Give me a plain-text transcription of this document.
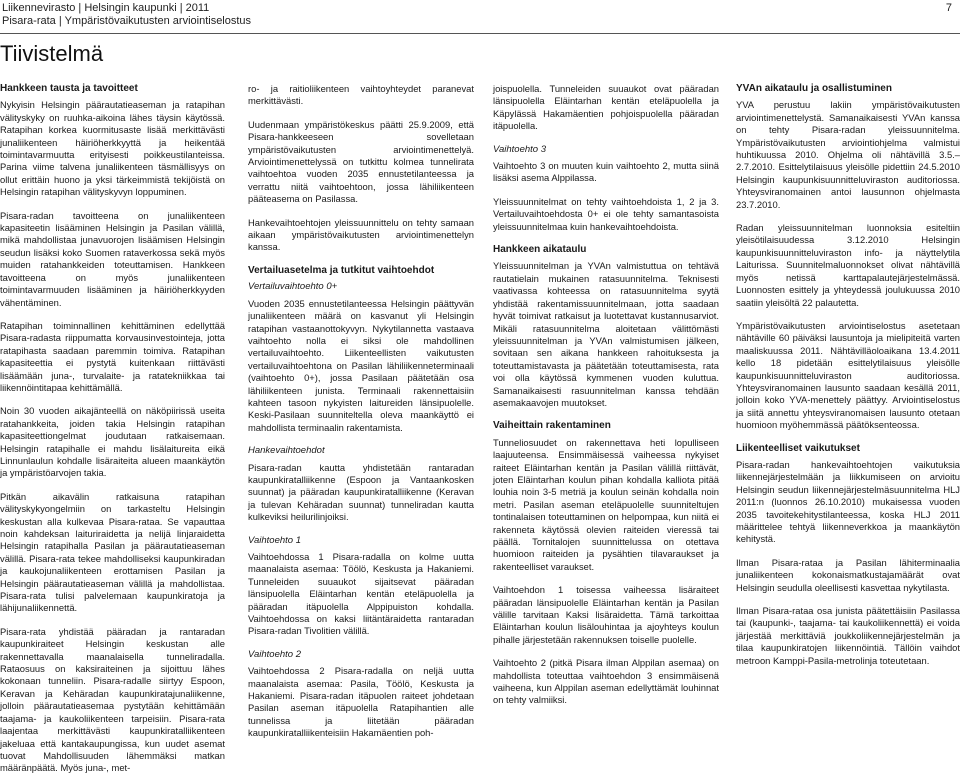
Liikennevirasto | Helsingin kaupunki | 2011
Pisara-rata | Ympäristövaikutusten arviointiselostus
7
Tiivistelmä
Hankkeen tausta ja tavoitteet

Nykyisin Helsingin päärautatieaseman ja ratapihan välityskyky on ruuhka-aikoina lähes täysin käytössä. Ratapihan korkea kuormitusaste lisää merkittävästi junaliikenteen häiriöherkkyyttä ja heikentää toimintavarmuutta erityisesti poikkeustilanteissa. Parina viime talvena junaliikenteen täsmällisyys on ollut erittäin huono ja yksi tärkeimmistä tekijöistä on Helsingin ratapihan välityskyvyn loppuminen.

Pisara-radan tavoitteena on junaliikenteen kapasiteetin lisääminen Helsingin ja Pasilan välillä, mikä mahdollistaa junavuorojen lisäämisen Helsingin seudun lisäksi koko Suomen rataverkossa sekä myös muiden ratahankkeiden toteuttamisen. Hankkeen tavoitteena on myös junaliikenteen toimintavarmuuden lisääminen ja häiriöherkkyyden vähentäminen.

Ratapihan toiminnallinen kehittäminen edellyttää Pisara-radasta riippumatta korvausinvestointeja, jotta ratapihasta saadaan paremmin toimiva. Ratapihan kapasiteettia ei pystytä kuitenkaan riittävästi lisäämään juna-, turvalaite- ja ratatekniikkaa tai liikennöintitapaa kehittämällä.

Noin 30 vuoden aikajänteellä on näköpiirissä useita ratahankkeita, joiden takia Helsingin ratapihan kapasiteettiongelmat joudutaan ratkaisemaan. Helsingin ratapihalle ei mahdu lisälaitureita eikä Linnunlaulun kohdalle lisäraiteita alueen maankäytön ja ympäristöarvojen takia.

Pitkän aikavälin ratkaisuna ratapihan välityskykyongelmiin on tarkasteltu Helsingin keskustan alla kulkevaa Pisara-rataa. Se vapauttaa noin kahdeksan laituriraidetta ja nelijä linjaraidetta Helsingin ratapihalla Pasilan ja päärautatieaseman välillä. Pisara-rata tekee mahdolliseksi kaupunkiradan ja kaukojunaliikenteen erottamisen Pasilan ja Helsingin päärautatieaseman välillä ja mahdollistaa. Pisara-rata tulisi palvelemaan kaupunkiratoja ja lähijunaliikennettä.

Pisara-rata yhdistää pääradan ja rantaradan kaupunkiraiteet Helsingin keskustan alle rakennettavalla maanalaisella tunneliradalla. Rataosuus on kaksiraiteinen ja sijoittuu lähes kokonaan tunneliin. Pisara-radalle siirtyy Espoon, Keravan ja Kehäradan kaupunkiratajunaliikenne, jolloin päärautatieasemaa pystytään kehittämään taajama- ja kaukoliikenteen tarpeisiin. Pisara-rata laajentaa merkittävästi kaupunkiratalliikenteen jakeluaa että kantakaupungissa, kun uudet asemat tuovat Mahdollisuuden lähemmäksi matkan määränpäätä. Myös juna-, met-

ro- ja raitioliikenteen vaihtoyhteydet paranevat merkittävästi.

Uudenmaan ympäristökeskus päätti 25.9.2009, että Pisara-hankkeeseen sovelletaan ympäristövaikutusten arviointimenettelyä. Arviointimenettelyssä on tutkittu kolmea tunnelirata vaihtoehtoa vuoden 2035 ennustetilanteessa ja verrattu niitä vaihtoehtoon, jossa lähiliikenteen pääteasema on Pasilassa.

Hankevaihtoehtojen yleissuunnittelu on tehty samaan aikaan ympäristövaikutusten arviointimenettelyn kanssa.

Vertailuasetelma ja tutkitut vaihtoehdot
Vertailuvaihtoehto 0+

Vuoden 2035 ennustetilanteessa Helsingin päättyvän junaliikenteen määrä on kasvanut yli Helsingin ratapihan vastaanottokyvyn. Nykytilannetta vastaava vaihtoehto nolla ei siksi ole mahdollinen vertailuvaihtoehto. Liikenteellisten vaikutusten vertailuvaihtoehtona on Pasilan lähiliikenneterminaali (vaihtoehto 0+), jossa Pasilaan päätetään osa lähiliikenteen junista. Terminaali rakennettaisiin kahteen tasoon nykyisten laitureiden länsipuolelle. Keski-Pasilaan suunniteltella oleva maankäyttö ei mahdollista terminaalin rakentamista.

Hankevaihtoehdot

Pisara-radan kautta yhdistetään rantaradan kaupunkiratalliikenne (Espoon ja Vantaankosken suunnat) ja pääradan kaupunkiratalliikenne (Keravan ja tulevan Kehäradan suunnat) tunneliradan kautta kulkeviksi heilurilinjoiksi.

Vaihtoehto 1

Vaihtoehdossa 1 Pisara-radalla on kolme uutta maanalaista asemaa: Töölö, Keskusta ja Hakaniemi. Tunneleiden suuaukot sijaitsevat pääradan länsipuolella Eläintarhan kentän eteläpuolella ja pääradan itäpuolella Alppipuiston kohdalla. Vaihtoehdossa on kaksi liitäntäraidetta rantaradan Pisara-radan Tivolitien välillä.

Vaihtoehto 2

Vaihtoehdossa 2 Pisara-radalla on neljä uutta maanalaista asemaa: Pasila, Töölö, Keskusta ja Hakaniemi. Pisara-radan itäpuolen raiteet johdetaan Pasilan aseman itäpuolella Ratapihantien alle tunnelissa ja liitetään pääradan kaupunkiratalliikenteisiin Hakamäentien poh-

joispuolella. Tunneleiden suuaukot ovat pääradan länsipuolella Eläintarhan kentän eteläpuolella ja Käpylässä Hakamäentien pohjoispuolella pääradan itäpuolella.

Vaihtoehto 3

Vaihtoehto 3 on muuten kuin vaihtoehto 2, mutta siinä lisäksi asema Alppilassa.

Yleissuunnitelmat on tehty vaihtoehdoista 1, 2 ja 3. Vertailuvaihtoehdosta 0+ ei ole tehty samantasoista yleissuunnitelmaa kuin hankevaihtoehdoista.

Hankkeen aikataulu

Yleissuunnitelman ja YVAn valmistuttua on tehtävä rautatielain mukainen ratasuunnitelma. Teknisesti vaativassa kohteessa on ratasuunnitelma syytä yhdistää rakentamissuunnitelmaan, jotta saadaan hyvät toimivat ratkaisut ja luotettavat kustannusarviot. Mikäli ratasuunnitelma aloitetaan välittömästi yleissuunnitelman ja YVAn valmistumisen jälkeen, sovitaan sen aikana hankkeen rahoituksesta ja toteuttamistavasta ja päätetään toteuttamisesta, rata voi olla käytössä kymmenen vuoden kuluttua. Samanaikaisesti rasuunnitelman kanssa tehdään asemakaavojen muutokset.

Vaiheittain rakentaminen

Tunneliosuudet on rakennettava heti lopulliseen laajuuteensa. Ensimmäisessä vaiheessa nykyiset raiteet Eläintarhan kentän ja Pasilan välillä riittävät, joten Eläintarhan koulun pihan kohdalla kalliota pitää louhia noin 3-5 metriä ja koulun seinän kohdalla noin metri. Pasilan aseman eteläpuolelle suunniteltujen tontinalaisen toteuttaminen on helpompaa, kun niitä ei rakenneta käytössä olevien raiteiden vieressä tai päällä. Tornitalojen suunnittelussa on otettava huomioon raiteiden ja pysähtien tilavaraukset ja rakenteelliset varaukset.

Vaihtoehdon 1 toisessa vaiheessa lisäraiteet pääradan länsipuolelle Eläintarhan kentän ja Pasilan välille tarvitaan Kaksi lisäraidetta. Tämä tarkoittaa Eläintarhan koulun lisälouhintaa ja ajoyhteys koulun pihalle järjestetään rakennuksen toiselle puolelle.

Vaihtoehto 2 (pitkä Pisara ilman Alppilan asemaa) on mahdollista toteuttaa vaihtoehdon 3 ensimmäisenä vaiheena, kun Alppilan aseman edellyttämät louhinnat on tehty valmiiksi.

YVAn aikataulu ja osallistuminen

YVA perustuu lakiin ympäristövaikutusten arviointimenettelystä. Samanaikaisesti YVAn kanssa on tehty Pisara-radan yleissuunnitelma. Ympäristövaikutusten arviointiohjelma valmistui huhtikuussa 2010. Ohjelma oli nähtävillä 3.5.–2.7.2010. Esittelytilaisuus yleisölle pidettiin 24.5.2010 Helsingin kaupunkisuunnitteluviraston auditoriossa. Yhteysviranomainen antoi lausunnon ohjelmasta 23.7.2010.

Radan yleissuunnitelman luonnoksia esiteltiin yleisötilaisuudessa 3.12.2010 Helsingin kaupunkisuunnitteluviraston info- ja näyttelytila Laiturissa. Suunnitelmaluonnokset olivat nähtävillä myös netissä karttapalautejärjestelmässä. Luonnosten esittely ja yhteydessä joulukuussa 2010 saatiin yleisöltä 22 palautetta.

Ympäristövaikutusten arviointiselostus asetetaan nähtäville 60 päiväksi lausuntoja ja mielipiteitä varten maaliskuussa 2011. Nähtävilläoloaikana 13.4.2011 kello 18 pidetään esittelytilaisuus yleisölle kaupunkisuunnitteluviraston auditoriossa. Yhteysviranomainen lausunto saadaan kesällä 2011, jolloin koko YVA-menettely päättyy. Arviointiselostus ja siitä annettu yhteysviranomaisen lausunto otetaan huomioon myöhemmässä päätöksenteossa.

Liikenteelliset vaikutukset

Pisara-radan hankevaihtoehtojen vaikutuksia liikennejärjestelmään ja liikkumiseen on arvioitu Helsingin seudun liikennejärjestelmäsuunnitelma HLJ 2011:n (luonnos 26.10.2010) mukaisessa vuoden 2035 tavoitekehitystilanteessa, koska HLJ 2011 määrittelee tehtyä liikenneverkkoa ja maankäytön kehitystä.

Ilman Pisara-rataa ja Pasilan lähiterminaalia junaliikenteen kokonaismatkustajamäärät ovat Helsingin seudulla oleellisesti kasvettaa nykytilasta.

Ilman Pisara-rataa osa junista päätettäisiin Pasilassa tai (kaupunki-, taajama- tai kaukoliikennettä) ei voida järjestää merkittäviä joukkoliikennejärjestelmän ja tilaa kaupunkiratojen liikennöintiä. Tällöin vaihdot metroon Kamppi-Pasila-metrolinja toteutetaan.
